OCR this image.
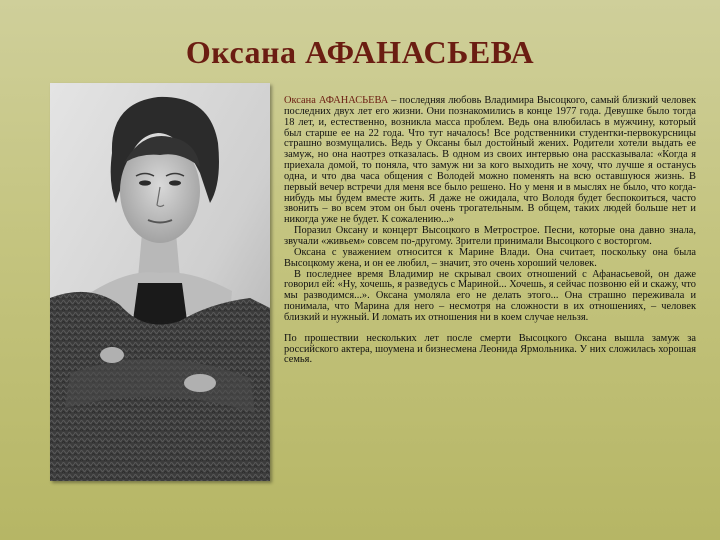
Оксана АФАНАСЬЕВА

Оксана АФАНАСЬЕВА – последняя любовь Владимира Высоцкого, самый близкий человек последних двух лет его жизни. Они познакомились в конце 1977 года. Девушке было тогда 18 лет, и, естественно, возникла масса проблем. Ведь она влюбилась в мужчину, который был старше ее на 22 года. Что тут началось! Все родственники студентки-первокурсницы страшно возмущались. Ведь у Оксаны был достойный жених. Родители хотели выдать ее замуж, но она наотрез отказалась. В одном из своих интервью она рассказывала: «Когда я приехала домой, то поняла, что замуж ни за кого выходить не хочу, что лучше я останусь одна, и что два часа общения с Володей можно поменять на всю оставшуюся жизнь. В первый вечер встречи для меня все было решено. Но у меня и в мыслях не было, что когда-нибудь мы будем вместе жить. Я даже не ожидала, что Володя будет беспокоиться, часто звонить – во всем этом он был очень трогательным. В общем, таких людей больше нет и никогда уже не будет. К сожалению...»

Поразил Оксану и концерт Высоцкого в Метрострое. Песни, которые она давно знала, звучали «живьем» совсем по-другому. Зрители принимали Высоцкого с восторгом.

Оксана с уважением относится к Марине Влади. Она считает, поскольку она была Высоцкому жена, и он ее любил, – значит, это очень хороший человек.

В последнее время Владимир не скрывал своих отношений с Афанасьевой, он даже говорил ей: «Ну, хочешь, я разведусь с Мариной... Хочешь, я сейчас позвоню ей и скажу, что мы разводимся...». Оксана умоляла его не делать этого... Она страшно переживала и понимала, что Марина для него – несмотря на сложности в их отношениях, – человек близкий и нужный. И ломать их отношения ни в коем случае нельзя.

По прошествии нескольких лет после смерти Высоцкого Оксана вышла замуж за российского актера, шоумена и бизнесмена Леонида Ярмольника. У них сложилась хорошая семья.
